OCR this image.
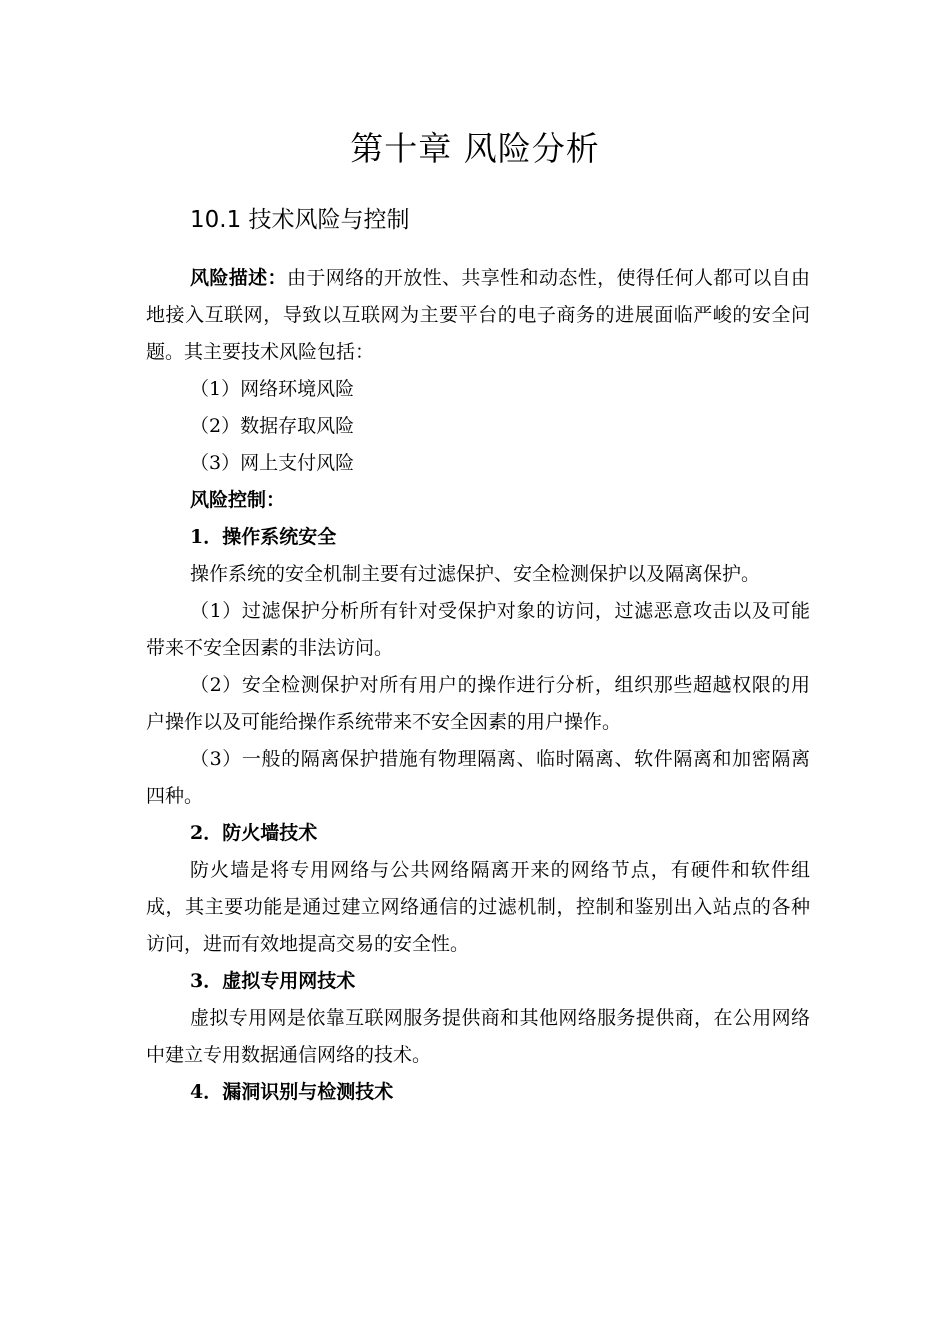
第十章 风险分析
10.1 技术风险与控制

风险描述：由于网络的开放性、共享性和动态性，使得任何人都可以自由地接入互联网，导致以互联网为主要平台的电子商务的进展面临严峻的安全问题。其主要技术风险包括：

（1）网络环境风险

（2）数据存取风险

（3）网上支付风险

风险控制：

1．操作系统安全

操作系统的安全机制主要有过滤保护、安全检测保护以及隔离保护。

（1）过滤保护分析所有针对受保护对象的访问，过滤恶意攻击以及可能带来不安全因素的非法访问。

（2）安全检测保护对所有用户的操作进行分析，组织那些超越权限的用户操作以及可能给操作系统带来不安全因素的用户操作。

（3）一般的隔离保护措施有物理隔离、临时隔离、软件隔离和加密隔离四种。

2．防火墙技术

防火墙是将专用网络与公共网络隔离开来的网络节点，有硬件和软件组成，其主要功能是通过建立网络通信的过滤机制，控制和鉴别出入站点的各种访问，进而有效地提高交易的安全性。

3．虚拟专用网技术

虚拟专用网是依靠互联网服务提供商和其他网络服务提供商，在公用网络中建立专用数据通信网络的技术。

4．漏洞识别与检测技术
